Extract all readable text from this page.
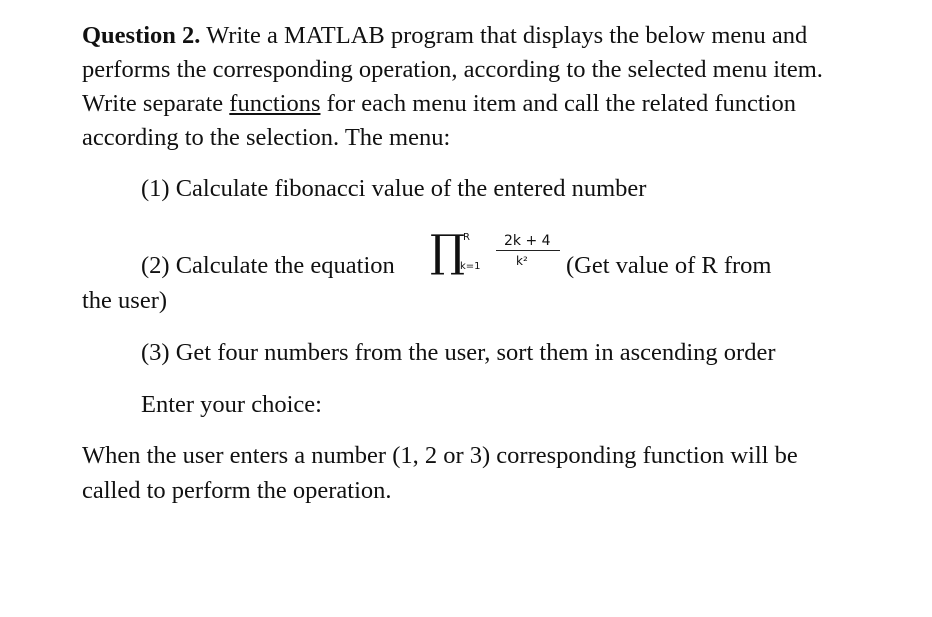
Question 2. Write a MATLAB program that displays the below menu and performs the corresponding operation, according to the selected menu item. Write separate functions for each menu item and call the related function according to the selection. The menu:

(1) Calculate fibonacci value of the entered number
(2) Calculate the equation ∏
R
k=1
2k + 4
k² (Get value of R from
the user)
(3) Get four numbers from the user, sort them in ascending order
Enter your choice:
When the user enters a number (1, 2 or 3) corresponding function will be called to perform the operation.
